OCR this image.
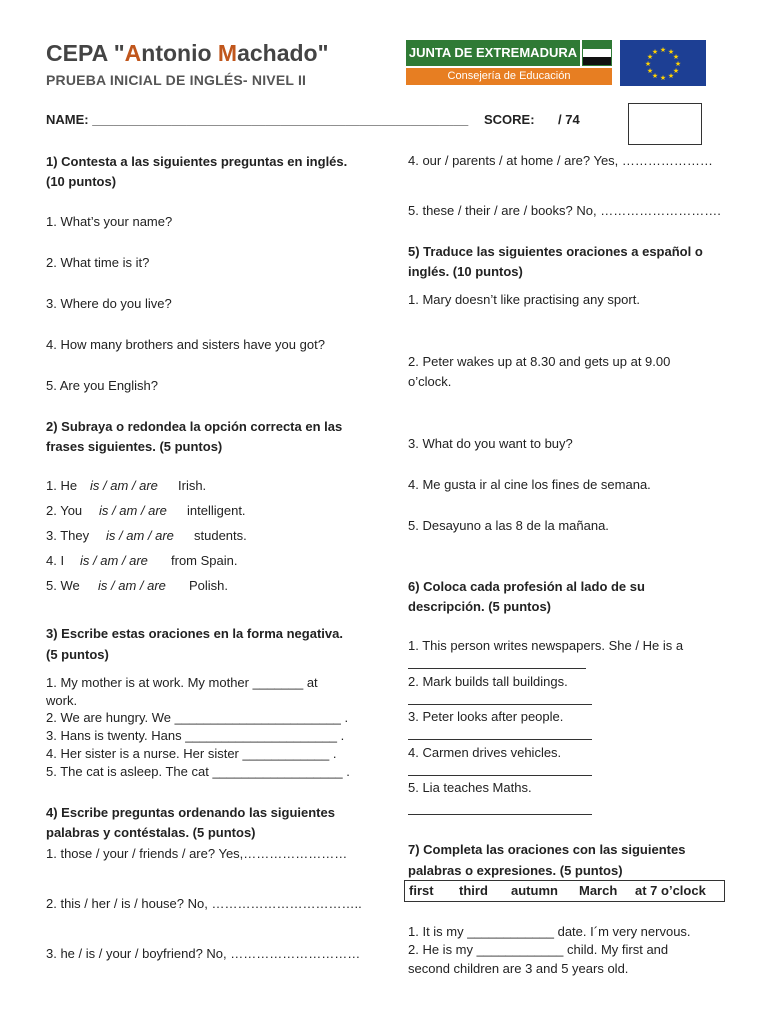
CEPA "Antonio Machado"
PRUEBA INICIAL DE INGLÉS- NIVEL II
JUNTA DE EXTREMADURA
Consejería de Educación
★ ★
★
★
★
★
★
★
★
★
★
★
NAME: ____________________________________________________ SCORE: / 74
1) Contesta a las siguientes preguntas en inglés.
(10 puntos)
1. What’s your name?
2. What time is it?
3. Where do you live?
4. How many brothers and sisters have you got?
5. Are you English?
2) Subraya o redondea la opción correcta en las
frases siguientes. (5 puntos)
1. He is / am / are Irish.
2. You is / am / are intelligent.
3. They is / am / are students.
4. I is / am / are from Spain.
5. We is / am / are Polish.
3) Escribe estas oraciones en la forma negativa.
(5 puntos)
1. My mother is at work. My mother _______ at
work.
2. We are hungry. We _______________________ .
3. Hans is twenty. Hans _____________________ .
4. Her sister is a nurse. Her sister ____________ .
5. The cat is asleep. The cat __________________ .
4) Escribe preguntas ordenando las siguientes
palabras y contéstalas. (5 puntos)
1. those / your / friends / are? Yes,……………………
2. this / her / is / house? No, ……………………………..
3. he / is / your / boyfriend? No, …………………………
4. our / parents / at home / are? Yes, …………………
5. these / their / are / books? No, ……………………….
5) Traduce las siguientes oraciones a español o
inglés. (10 puntos)
1. Mary doesn’t like practising any sport.
2. Peter wakes up at 8.30 and gets up at 9.00
o’clock.
3. What do you want to buy?
4. Me gusta ir al cine los fines de semana.
5. Desayuno a las 8 de la mañana.
6) Coloca cada profesión al lado de su
descripción. (5 puntos)
1. This person writes newspapers. She / He is a
2. Mark builds tall buildings.
3. Peter looks after people.
4. Carmen drives vehicles.
5. Lia teaches Maths.
7) Completa las oraciones con las siguientes
palabras o expresiones. (5 puntos)
first third autumn March at 7 o’clock
1. It is my ____________ date. I´m very nervous.
2. He is my ____________ child. My first and
second children are 3 and 5 years old.
